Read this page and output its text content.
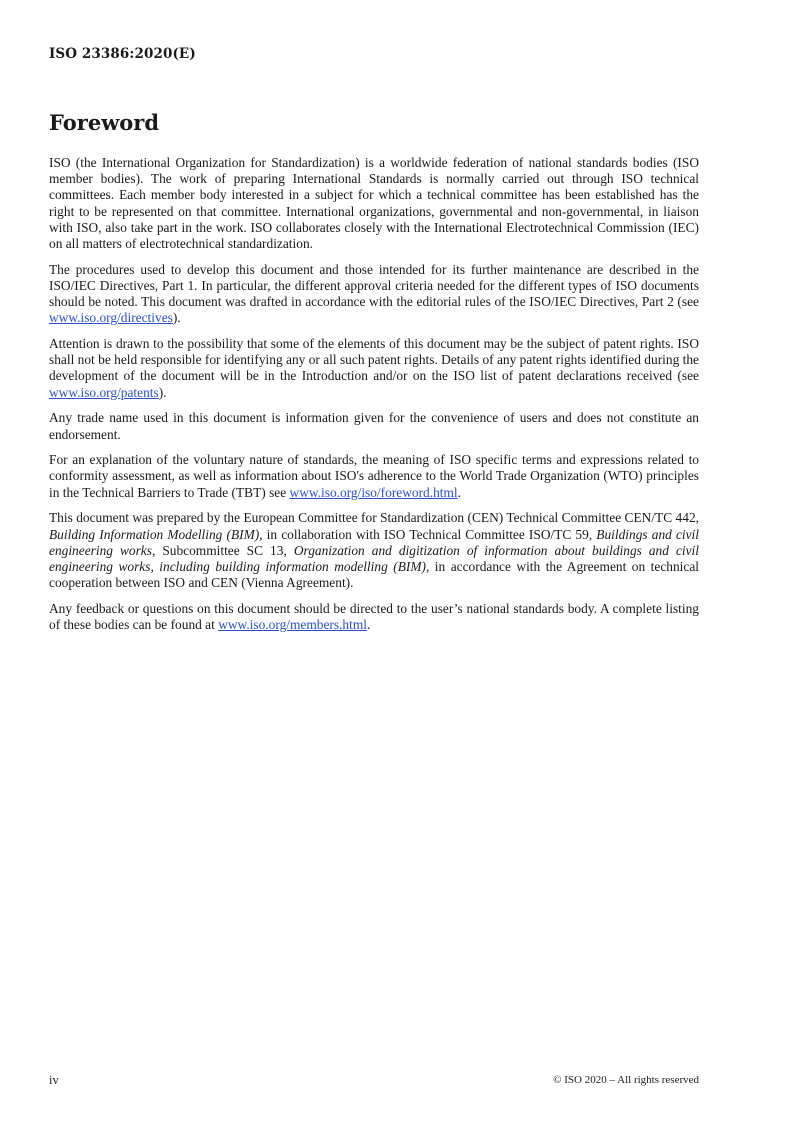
ISO 23386:2020(E)
Foreword

ISO (the International Organization for Standardization) is a worldwide federation of national standards bodies (ISO member bodies). The work of preparing International Standards is normally carried out through ISO technical committees. Each member body interested in a subject for which a technical committee has been established has the right to be represented on that committee. International organizations, governmental and non-governmental, in liaison with ISO, also take part in the work. ISO collaborates closely with the International Electrotechnical Commission (IEC) on all matters of electrotechnical standardization.

The procedures used to develop this document and those intended for its further maintenance are described in the ISO/IEC Directives, Part 1. In particular, the different approval criteria needed for the different types of ISO documents should be noted. This document was drafted in accordance with the editorial rules of the ISO/IEC Directives, Part 2 (see www.iso.org/directives).

Attention is drawn to the possibility that some of the elements of this document may be the subject of patent rights. ISO shall not be held responsible for identifying any or all such patent rights. Details of any patent rights identified during the development of the document will be in the Introduction and/or on the ISO list of patent declarations received (see www.iso.org/patents).

Any trade name used in this document is information given for the convenience of users and does not constitute an endorsement.

For an explanation of the voluntary nature of standards, the meaning of ISO specific terms and expressions related to conformity assessment, as well as information about ISO's adherence to the World Trade Organization (WTO) principles in the Technical Barriers to Trade (TBT) see www.iso.org/iso/foreword.html.

This document was prepared by the European Committee for Standardization (CEN) Technical Committee CEN/TC 442, Building Information Modelling (BIM), in collaboration with ISO Technical Committee ISO/TC 59, Buildings and civil engineering works, Subcommittee SC 13, Organization and digitization of information about buildings and civil engineering works, including building information modelling (BIM), in accordance with the Agreement on technical cooperation between ISO and CEN (Vienna Agreement).

Any feedback or questions on this document should be directed to the user’s national standards body. A complete listing of these bodies can be found at www.iso.org/members.html.

iv	© ISO 2020 – All rights reserved
